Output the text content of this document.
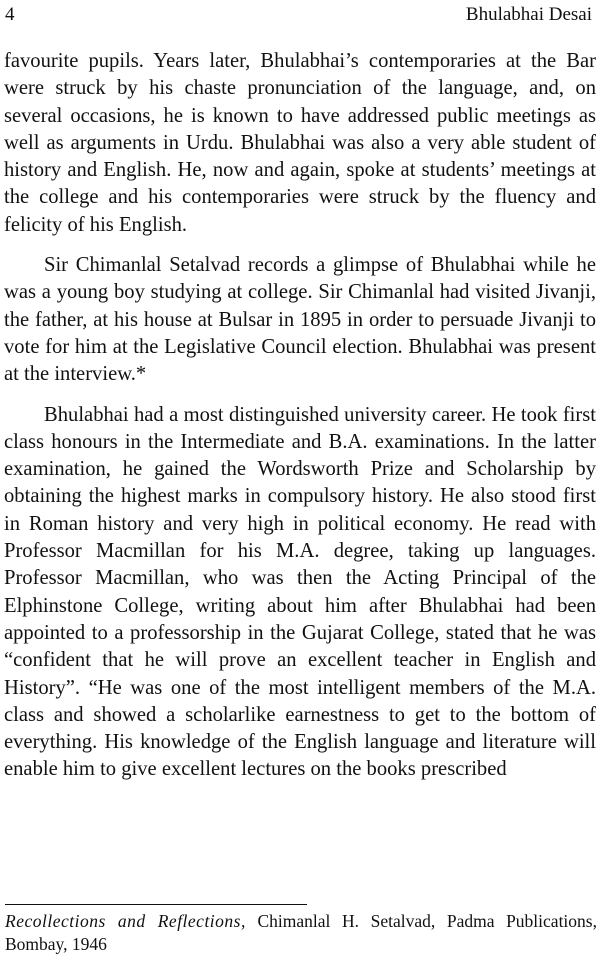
4	Bhulabhai Desai

favourite pupils. Years later, Bhulabhai’s contemporaries at the Bar were struck by his chaste pronunciation of the language, and, on several occasions, he is known to have addressed public meetings as well as arguments in Urdu. Bhulabhai was also a very able student of history and English. He, now and again, spoke at students’ meetings at the college and his contemporaries were struck by the fluency and felicity of his English.

Sir Chimanlal Setalvad records a glimpse of Bhulabhai while he was a young boy studying at college. Sir Chimanlal had visited Jivanji, the father, at his house at Bulsar in 1895 in order to persuade Jivanji to vote for him at the Legislative Council election. Bhulabhai was present at the interview.*

Bhulabhai had a most distinguished university career. He took first class honours in the Intermediate and B.A. examinations. In the latter examination, he gained the Wordsworth Prize and Scholarship by obtaining the highest marks in compulsory history. He also stood first in Roman history and very high in political economy. He read with Professor Macmillan for his M.A. degree, taking up languages. Professor Macmillan, who was then the Acting Principal of the Elphinstone College, writing about him after Bhulabhai had been appointed to a professorship in the Gujarat College, stated that he was “confident that he will prove an excellent teacher in English and History”. “He was one of the most intelligent members of the M.A. class and showed a scholarlike earnestness to get to the bottom of everything. His knowledge of the English language and literature will enable him to give excellent lectures on the books prescribed

Recollections and Reflections, Chimanlal H. Setalvad, Padma Publications, Bombay, 1946
